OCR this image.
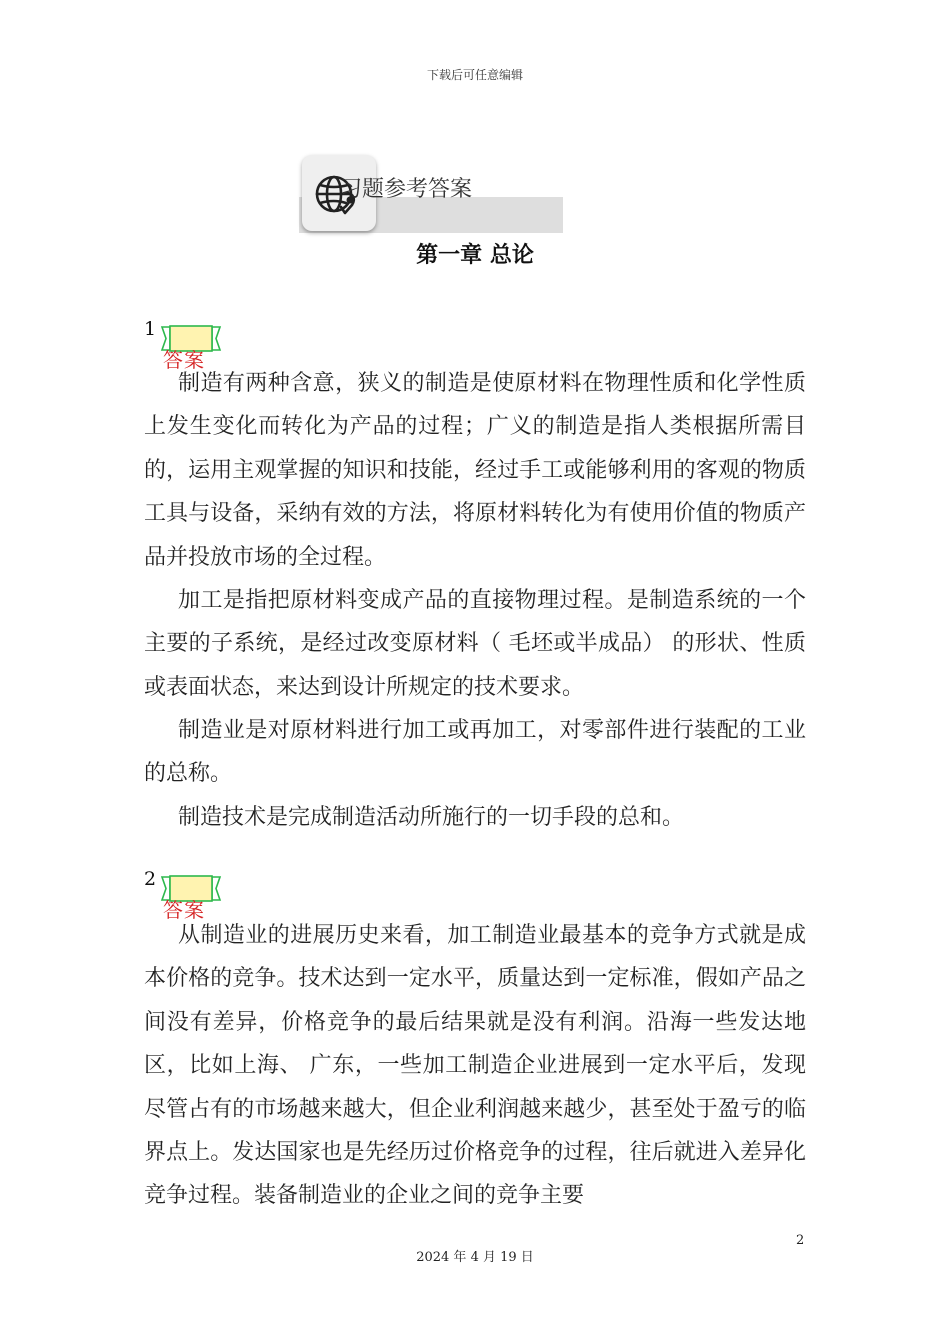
下载后可任意编辑
习题参考答案
第一章 总论
1
答案

制造有两种含意，狭义的制造是使原材料在物理性质和化学性质上发生变化而转化为产品的过程；广义的制造是指人类根据所需目的，运用主观掌握的知识和技能，经过手工或能够利用的客观的物质工具与设备，采纳有效的方法，将原材料转化为有使用价值的物质产品并投放市场的全过程。

加工是指把原材料变成产品的直接物理过程。是制造系统的一个主要的子系统，是经过改变原材料（ 毛坯或半成品） 的形状、性质或表面状态，来达到设计所规定的技术要求。

制造业是对原材料进行加工或再加工，对零部件进行装配的工业的总称。

制造技术是完成制造活动所施行的一切手段的总和。

2
答案

从制造业的进展历史来看，加工制造业最基本的竞争方式就是成本价格的竞争。技术达到一定水平，质量达到一定标准，假如产品之间没有差异，价格竞争的最后结果就是没有利润。沿海一些发达地区，比如上海、 广东，一些加工制造企业进展到一定水平后，发现尽管占有的市场越来越大，但企业利润越来越少，甚至处于盈亏的临界点上。发达国家也是先经历过价格竞争的过程，往后就进入差异化竞争过程。装备制造业的企业之间的竞争主要

2
2024 年 4 月 19 日
